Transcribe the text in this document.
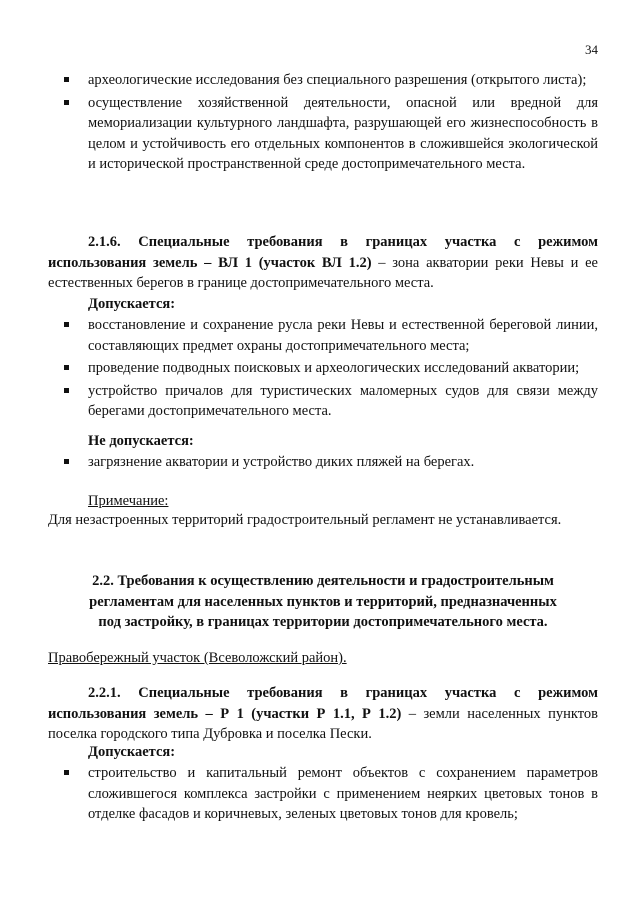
34
археологические исследования без специального разрешения (открытого листа);
осуществление хозяйственной деятельности, опасной или вредной для мемориализации культурного ландшафта, разрушающей его жизнеспособность в целом и устойчивость его отдельных компонентов в сложившейся экологической и исторической пространственной среде достопримечательного места.
2.1.6. Специальные требования в границах участка с режимом использования земель – ВЛ 1 (участок ВЛ 1.2) – зона акватории реки Невы и ее естественных берегов в границе достопримечательного места.
Допускается:
восстановление и сохранение русла реки Невы и естественной береговой линии, составляющих предмет охраны достопримечательного места;
проведение подводных поисковых и археологических исследований акватории;
устройство причалов для туристических маломерных судов для связи между берегами достопримечательного места.
Не допускается:
загрязнение акватории и устройство диких пляжей на берегах.
Примечание:
Для незастроенных территорий градостроительный регламент не устанавливается.
2.2. Требования к осуществлению деятельности и градостроительным
регламентам для населенных пунктов и территорий, предназначенных
под застройку, в границах территории достопримечательного места.
Правобережный участок (Всеволожский район).
2.2.1. Специальные требования в границах участка с режимом использования земель – Р 1 (участки Р 1.1, Р 1.2) – земли населенных пунктов поселка городского типа Дубровка и поселка Пески.
Допускается:
строительство и капитальный ремонт объектов с сохранением параметров сложившегося комплекса застройки с применением неярких цветовых тонов в отделке фасадов и коричневых, зеленых цветовых тонов для кровель;
